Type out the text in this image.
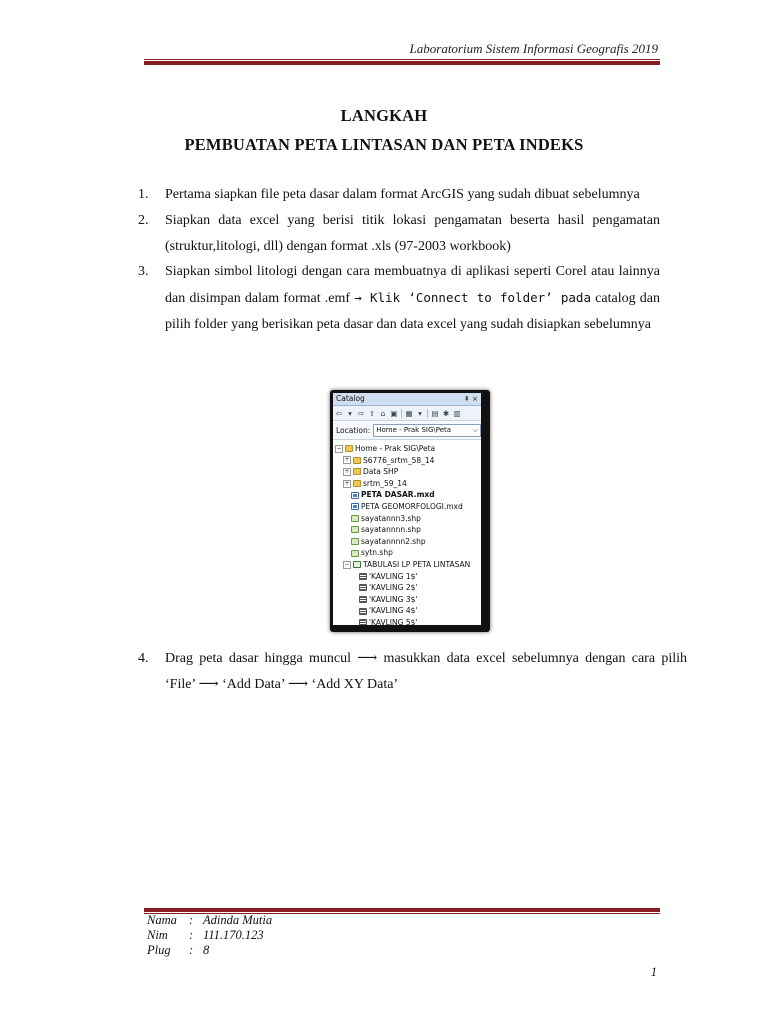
Laboratorium Sistem Informasi Geografis 2019
LANGKAH
PEMBUATAN PETA LINTASAN DAN PETA INDEKS
1. Pertama siapkan file peta dasar dalam format ArcGIS yang sudah dibuat sebelumnya
2. Siapkan data excel yang berisi titik lokasi pengamatan beserta hasil pengamatan (struktur,litologi, dll) dengan format .xls (97-2003 workbook)
3. Siapkan simbol litologi dengan cara membuatnya di aplikasi seperti Corel atau lainnya dan disimpan dalam format .emf → Klik ‘Connect to folder’ pada catalog dan pilih folder yang berisikan peta dasar dan data excel yang sudah disiapkan sebelumnya
Catalog	⇞ ×
⇦ ▾ ⇨ ⇧ ⌂ ▣ ▦ ▾ ▤ ✱ ▥
Location: Home - Prak SIG\Peta	⌵
− Home - Prak SIG\Peta
+ S6776_srtm_58_14
+ Data SHP
+ srtm_59_14
PETA DASAR.mxd
PETA GEOMORFOLOGI.mxd
sayatannn3.shp
sayatannnn.shp
sayatannnn2.shp
sytn.shp
− TABULASI LP PETA LINTASAN
'KAVLING 1$'
'KAVLING 2$'
'KAVLING 3$'
'KAVLING 4$'
'KAVLING 5$'
4. Drag peta dasar hingga muncul ⟶ masukkan data excel sebelumnya dengan cara pilih ‘File’ ⟶ ‘Add Data’ ⟶ ‘Add XY Data’
Nama : Adinda Mutia
Nim	: 111.170.123
Plug	: 8
1
